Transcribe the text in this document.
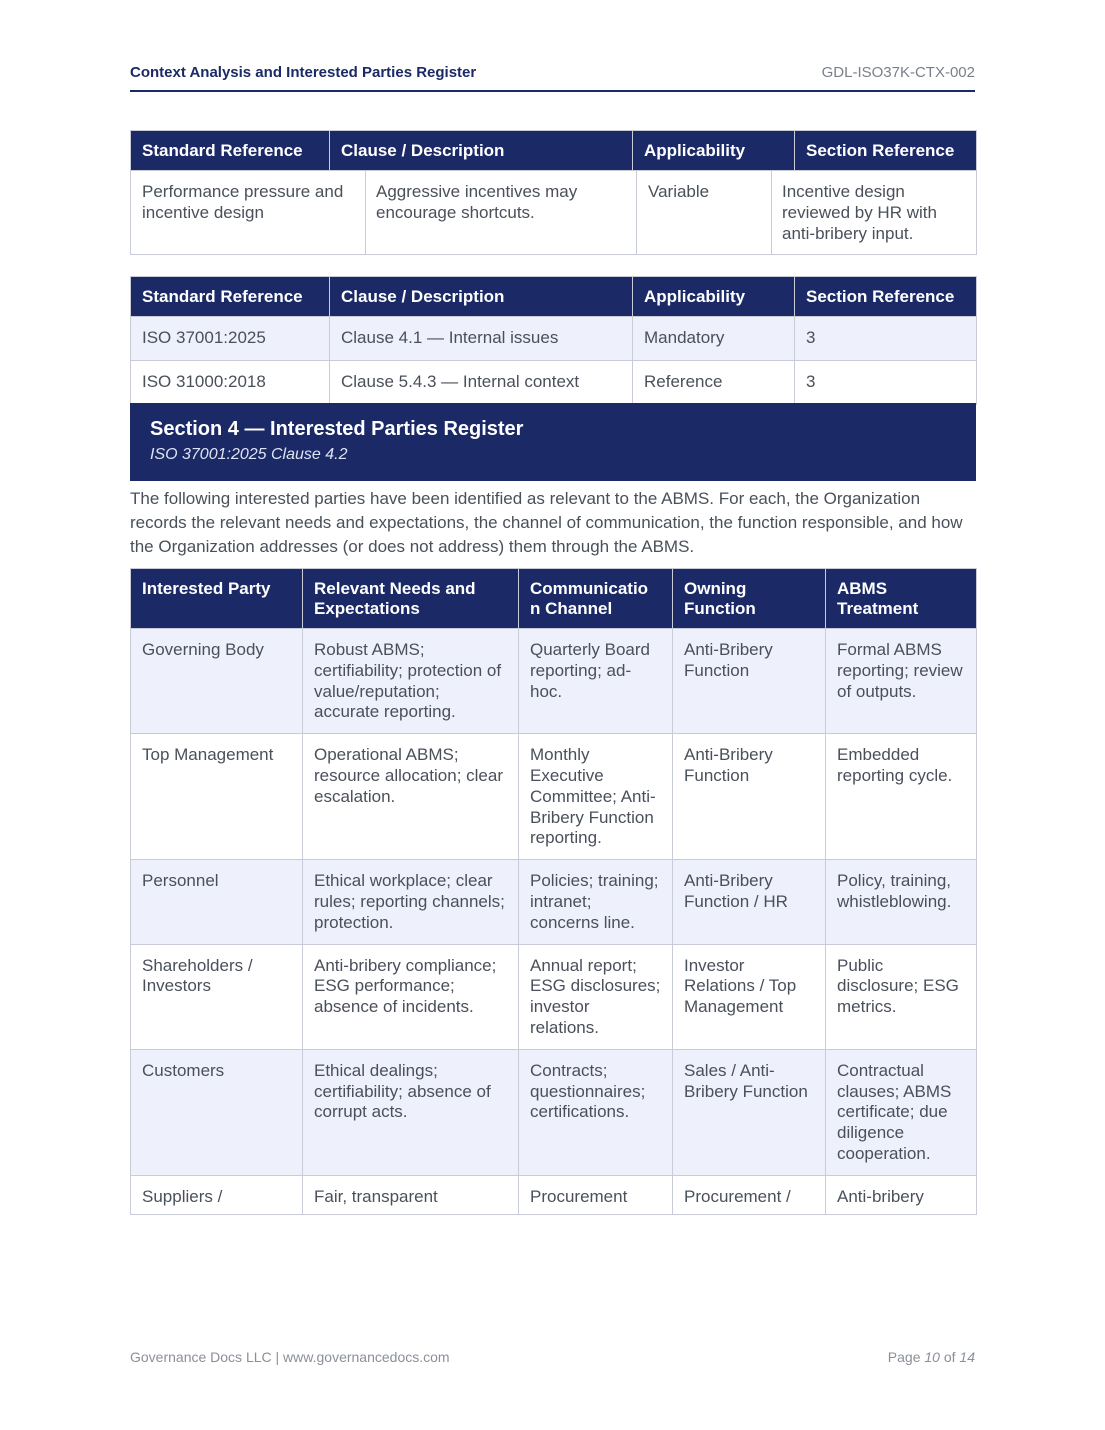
Context Analysis and Interested Parties Register	GDL-ISO37K-CTX-002
Standard Reference	Clause / Description	Applicability	Section Reference
Performance pressure and incentive design	Aggressive incentives may encourage shortcuts.	Variable	Incentive design reviewed by HR with anti-bribery input.
Standard Reference	Clause / Description	Applicability	Section Reference
ISO 37001:2025	Clause 4.1 — Internal issues	Mandatory	3
ISO 31000:2018	Clause 5.4.3 — Internal context	Reference	3
Section 4 — Interested Parties Register
ISO 37001:2025 Clause 4.2
The following interested parties have been identified as relevant to the ABMS. For each, the Organization records the relevant needs and expectations, the channel of communication, the function responsible, and how the Organization addresses (or does not address) them through the ABMS.
Interested Party	Relevant Needs and Expectations	Communicatio n Channel	Owning Function	ABMS Treatment
Governing Body	Robust ABMS; certifiability; protection of value/reputation; accurate reporting.	Quarterly Board reporting; ad-hoc.	Anti-Bribery Function	Formal ABMS reporting; review of outputs.
Top Management	Operational ABMS; resource allocation; clear escalation.	Monthly Executive Committee; Anti-Bribery Function reporting.	Anti-Bribery Function	Embedded reporting cycle.
Personnel	Ethical workplace; clear rules; reporting channels; protection.	Policies; training; intranet; concerns line.	Anti-Bribery Function / HR	Policy, training, whistleblowing.
Shareholders / Investors	Anti-bribery compliance; ESG performance; absence of incidents.	Annual report; ESG disclosures; investor relations.	Investor Relations / Top Management	Public disclosure; ESG metrics.
Customers	Ethical dealings; certifiability; absence of corrupt acts.	Contracts; questionnaires; certifications.	Sales / Anti-Bribery Function	Contractual clauses; ABMS certificate; due diligence cooperation.
Suppliers /	Fair, transparent	Procurement	Procurement /	Anti-bribery
Governance Docs LLC | www.governancedocs.com	Page 10 of 14
